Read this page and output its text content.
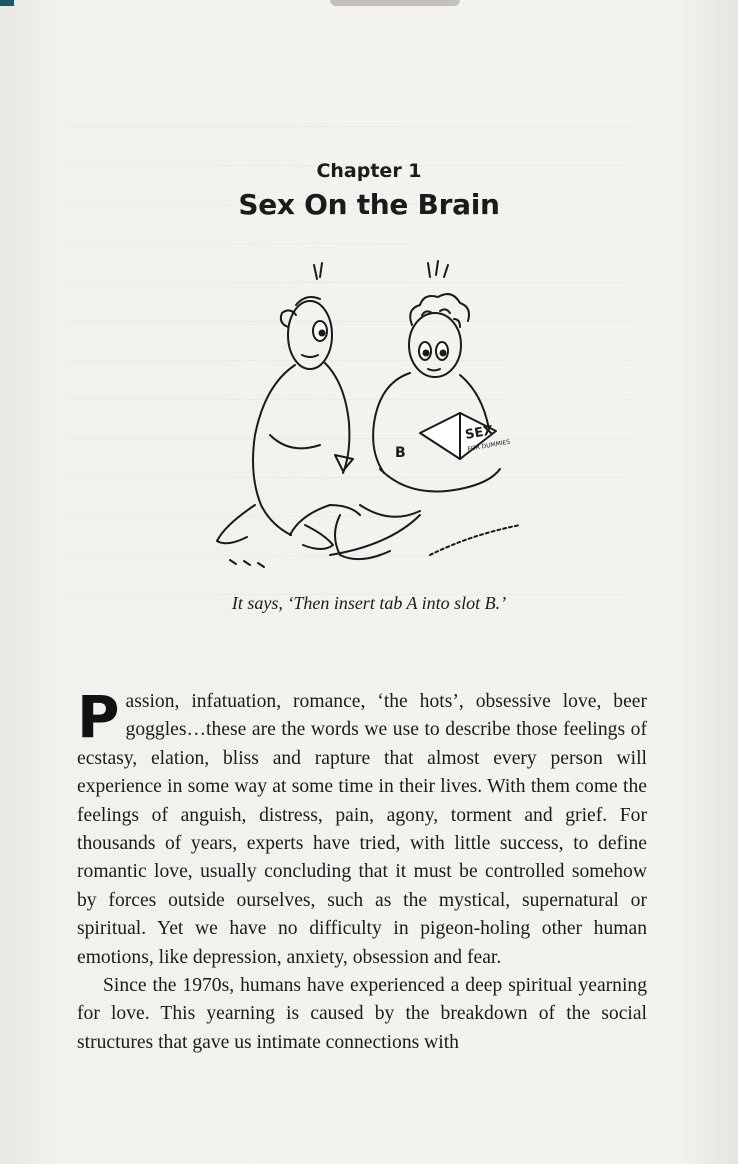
Chapter 1
Sex On the Brain
B
SEX
FOR DUMMIES
It says, ‘Then insert tab A into slot B.’

Passion, infatuation, romance, ‘the hots’, obsessive love, beer goggles…these are the words we use to describe those feelings of ecstasy, elation, bliss and rapture that almost every person will experience in some way at some time in their lives. With them come the feelings of anguish, distress, pain, agony, torment and grief. For thousands of years, experts have tried, with little success, to define romantic love, usually concluding that it must be controlled somehow by forces outside ourselves, such as the mystical, supernatural or spiritual. Yet we have no difficulty in pigeon-holing other human emotions, like depression, anxiety, obsession and fear.

Since the 1970s, humans have experienced a deep spiritual yearning for love. This yearning is caused by the breakdown of the social structures that gave us intimate connections with
